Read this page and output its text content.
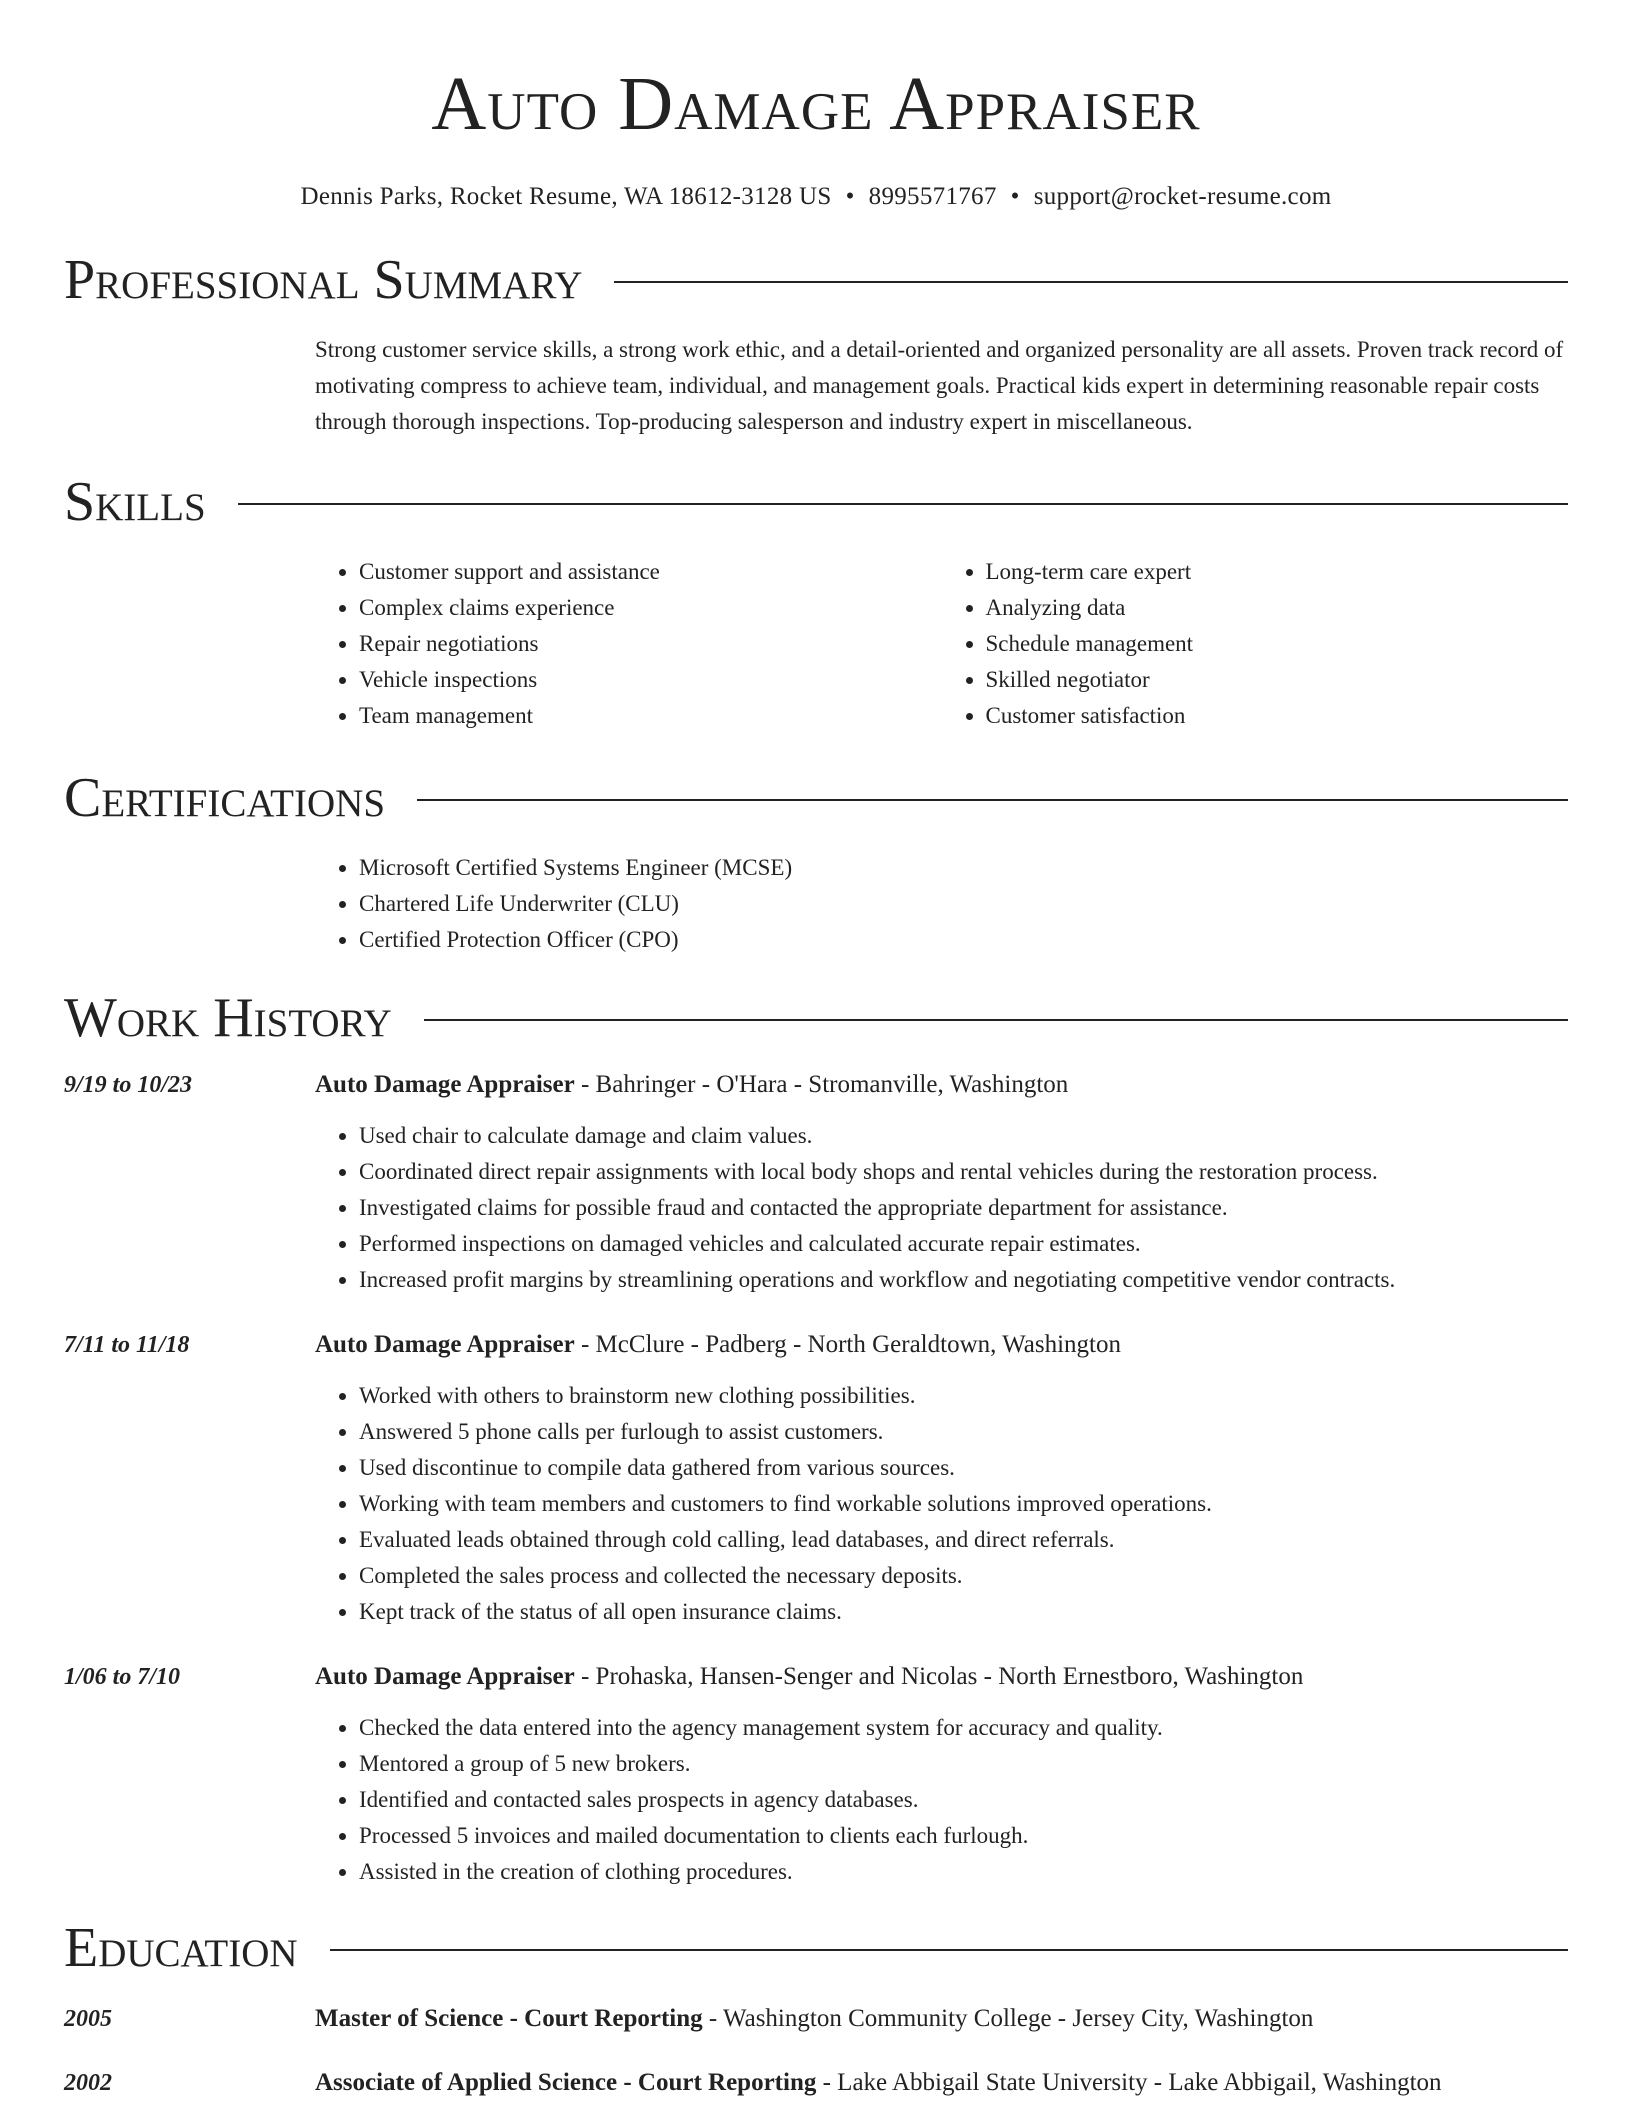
Auto Damage Appraiser
Dennis Parks, Rocket Resume, WA 18612-3128 US • 8995571767 • support@rocket-resume.com
Professional Summary

Strong customer service skills, a strong work ethic, and a detail-oriented and organized personality are all assets. Proven track record of motivating compress to achieve team, individual, and management goals. Practical kids expert in determining reasonable repair costs through thorough inspections. Top-producing salesperson and industry expert in miscellaneous.

Skills
• Customer support and assistance
• Complex claims experience
• Repair negotiations
• Vehicle inspections
• Team management
• Long-term care expert
• Analyzing data
• Schedule management
• Skilled negotiator
• Customer satisfaction
Certifications
• Microsoft Certified Systems Engineer (MCSE)
• Chartered Life Underwriter (CLU)
• Certified Protection Officer (CPO)
Work History
9/19 to 10/23	Auto Damage Appraiser - Bahringer - O'Hara - Stromanville, Washington
• Used chair to calculate damage and claim values.
• Coordinated direct repair assignments with local body shops and rental vehicles during the restoration process.
• Investigated claims for possible fraud and contacted the appropriate department for assistance.
• Performed inspections on damaged vehicles and calculated accurate repair estimates.
• Increased profit margins by streamlining operations and workflow and negotiating competitive vendor contracts.
7/11 to 11/18	Auto Damage Appraiser - McClure - Padberg - North Geraldtown, Washington
• Worked with others to brainstorm new clothing possibilities.
• Answered 5 phone calls per furlough to assist customers.
• Used discontinue to compile data gathered from various sources.
• Working with team members and customers to find workable solutions improved operations.
• Evaluated leads obtained through cold calling, lead databases, and direct referrals.
• Completed the sales process and collected the necessary deposits.
• Kept track of the status of all open insurance claims.
1/06 to 7/10	Auto Damage Appraiser - Prohaska, Hansen-Senger and Nicolas - North Ernestboro, Washington
• Checked the data entered into the agency management system for accuracy and quality.
• Mentored a group of 5 new brokers.
• Identified and contacted sales prospects in agency databases.
• Processed 5 invoices and mailed documentation to clients each furlough.
• Assisted in the creation of clothing procedures.
Education
2005	Master of Science - Court Reporting - Washington Community College - Jersey City, Washington
2002	Associate of Applied Science - Court Reporting - Lake Abbigail State University - Lake Abbigail, Washington
